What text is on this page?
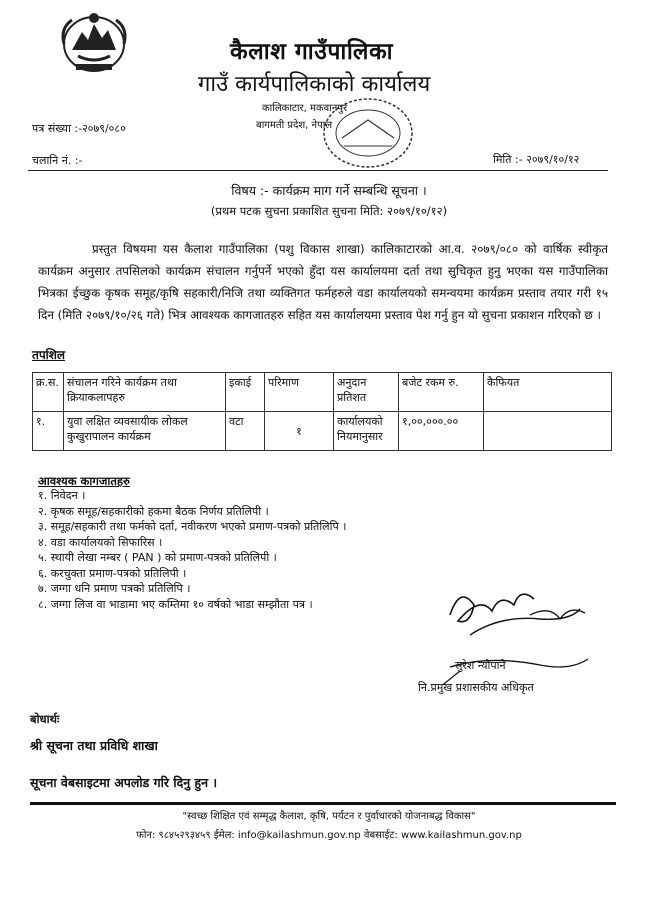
कैलाश गाउँपालिका
गाउँ कार्यपालिकाको कार्यालय
कालिकाटार, मकवानपुर
बागमती प्रदेश, नेपाल
पत्र संख्या :-२०७९/०८०
चलानि नं. :-	मिति :- २०७९/१०/१२
विषय :- कार्यक्रम माग गर्ने सम्बन्धि सूचना ।
(प्रथम पटक सुचना प्रकाशित सुचना मिति: २०७९/१०/१२)
प्रस्तुत विषयमा यस कैलाश गाउँपालिका (पशु विकास शाखा) कालिकाटारको आ.व. २०७९/०८० को वार्षिक स्वीकृत कार्यक्रम अनुसार तपसिलको कार्यक्रम संचालन गर्नुपर्ने भएको हुँदा यस कार्यालयमा दर्ता तथा सुचिकृत हुनु भएका यस गाउँपालिका भित्रका ईच्छुक कृषक समूह/कृषि सहकारी/निजि तथा व्यक्तिगत फर्महरुले वडा कार्यालयको समन्वयमा कार्यक्रम प्रस्ताव तयार गरी १५ दिन (मिति २०७९/१०/२६ गते) भित्र आवश्यक कागजातहरु सहित यस कार्यालयमा प्रस्ताव पेश गर्नु हुन यो सुचना प्रकाशन गरिएको छ ।
तपशिल
क्र.स.	संचालन गरिने कार्यक्रम तथा क्रियाकलापहरु	इकाई	परिमाण	अनुदान प्रतिशत	बजेट रकम रु.	कैफियत
१.	युवा लक्षित व्यवसायीक लोकल कुखुरापालन कार्यक्रम	वटा	१	कार्यालयको नियमानुसार	१,००,०००.००	
आवश्यक कागजातहरु
१. निवेदन ।
२. कृषक समूह/सहकारीको हकमा बैठक निर्णय प्रतिलिपी ।
३. समूह/सहकारी तथा फर्मको दर्ता, नवीकरण भएको प्रमाण-पत्रको प्रतिलिपि ।
४. वडा कार्यालयको सिफारिस ।
५. स्थायी लेखा नम्बर ( PAN ) को प्रमाण-पत्रको प्रतिलिपी ।
६. करचुक्ता प्रमाण-पत्रको प्रतिलिपी ।
७. जग्गा धनि प्रमाण पत्रको प्रतिलिपि ।
८. जग्गा लिज वा भाडामा भए कम्तिमा १० वर्षको भाडा सम्झौता पत्र ।
सुरेश न्यौपाने
नि.प्रमुख प्रशासकीय अधिकृत
बोधार्थः
श्री सूचना तथा प्रविधि शाखा
सूचना वेबसाइटमा अपलोड गरि दिनु हुन ।
"स्वच्छ शिक्षित एवं सम्मृद्ध कैलाश, कृषि, पर्यटन र पुर्वाधारको योजनाबद्ध विकास"
फोन: ९८४५२९३४५९ ईमेल: info@kailashmun.gov.np वेबसाईट: www.kailashmun.gov.np
